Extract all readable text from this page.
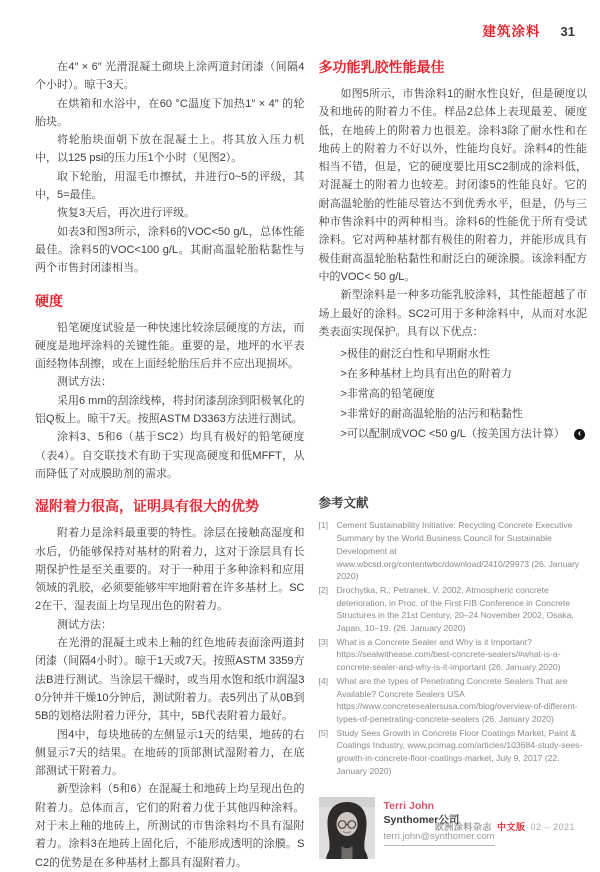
建筑涂料 31

在4″ × 6″ 光滑混凝土砌块上涂两道封闭漆（间隔4个小时）。晾干3天。

在烘箱和水浴中，在60 °C温度下加热1″ × 4″ 的轮胎块。

将轮胎块面朝下放在混凝土上。将其放入压力机中，以125 psi的压力压1个小时（见图2）。

取下轮胎，用湿毛巾擦拭，并进行0~5的评级，其中，5=最佳。

恢复3天后，再次进行评级。

如表3和图3所示，涂料6的VOC<50 g/L，总体性能最佳。涂料5的VOC<100 g/L。其耐高温轮胎粘黏性与两个市售封闭漆相当。

硬度

铅笔硬度试验是一种快速比较涂层硬度的方法，而硬度是地坪涂料的关键性能。重要的是，地坪的水平表面经物体刮擦，或在上面经轮胎压后并不应出现损坏。

测试方法：

采用6 mm的刮涂线棒，将封闭漆刮涂到阳极氧化的铝Q板上。晾干7天。按照ASTM D3363方法进行测试。

涂料3、5和6（基于SC2）均具有极好的铅笔硬度（表4）。自交联技术有助于实现高硬度和低MFFT，从而降低了对成膜助剂的需求。

湿附着力很高，证明具有很大的优势

附着力是涂料最重要的特性。涂层在接触高湿度和水后，仍能够保持对基材的附着力，这对于涂层具有长期保护性是至关重要的。对于一种用于多种涂料和应用领域的乳胶，必须要能够牢牢地附着在许多基材上。SC2在干、湿表面上均呈现出色的附着力。

测试方法：

在光滑的混凝土或未上釉的红色地砖表面涂两道封闭漆（间隔4小时）。晾干1天或7天。按照ASTM 3359方法B进行测试。当涂层干燥时，或当用水饱和纸巾润湿30分钟并干燥10分钟后，测试附着力。表5列出了从0B到5B的划格法附着力评分，其中，5B代表附着力最好。

图4中，每块地砖的左侧显示1天的结果，地砖的右侧显示7天的结果。在地砖的顶部测试湿附着力，在底部测试干附着力。

新型涂料（5和6）在混凝土和地砖上均呈现出色的附着力。总体而言，它们的附着力优于其他四种涂料。对于未上釉的地砖上，所测试的市售涂料均不具有湿附着力。涂料3在地砖上固化后，不能形成透明的涂膜。SC2的优势是在多种基材上都具有湿附着力。

多功能乳胶性能最佳

如图5所示，市售涂料1的耐水性良好，但是硬度以及和地砖的附着力不佳。样品2总体上表现最差、硬度低，在地砖上的附着力也很差。涂料3除了耐水性和在地砖上的附着力不好以外，性能均良好。涂料4的性能相当不错，但是，它的硬度要比用SC2制成的涂料低，对混凝土的附着力也较差。封闭漆5的性能良好。它的耐高温轮胎的性能尽管达不到优秀水平，但是，仍与三种市售涂料中的两种相当。涂料6的性能优于所有受试涂料。它对两种基材都有极佳的附着力，并能形成具有极佳耐高温轮胎粘黏性和耐泛白的硬涂膜。该涂料配方中的VOC< 50 g/L。

新型涂料是一种多功能乳胶涂料，其性能超越了市场上最好的涂料。SC2可用于多种涂料中，从而对水泥类表面实现保护。具有以下优点：

>极佳的耐泛白性和早期耐水性
>在多种基材上均具有出色的附着力
>非常高的铅笔硬度
>非常好的耐高温轮胎的沾污和粘黏性
>可以配制成VOC <50 g/L（按美国方法计算）	‹
参考文献
[1] Cement Sustainability Initiative: Recycling Concrete Executive Summary by the World Business Council for Sustainable Development at www.wbcsd.org/contentwbc/download/2410/29973 (26. January 2020)
[2] Drochytka, R.; Petranek, V. 2002, Atmospheric concrete deterioration, in Proc. of the First FIB Conference in Concrete Structures in the 21st Century, 20–24 November 2002, Osaka, Japan, 10–19. (26. January 2020)
[3] What is a Concrete Sealer and Why is it Important? https://sealwithease.com/best-concrete-sealers/#what-is-a-concrete-sealer-and-why-is-it-important (26. January 2020)
[4] What are the types of Penetrating Concrete Sealers That are Available? Concrete Sealers USA https://www.concretesealersusa.com/blog/overview-of-different-types-of-penetrating-concrete-sealers (26. January 2020)
[5] Study Sees Growth in Concrete Floor Coatings Market, Paint & Coatings Industry, www.pcimag.com/articles/103684-study-sees-growth-in-concrete-floor-coatings-market, July 9, 2017 (22. January 2020)
Terri John
Synthomer公司
terri.john@synthomer.com
欧洲涂料杂志 中文版 02 – 2021
